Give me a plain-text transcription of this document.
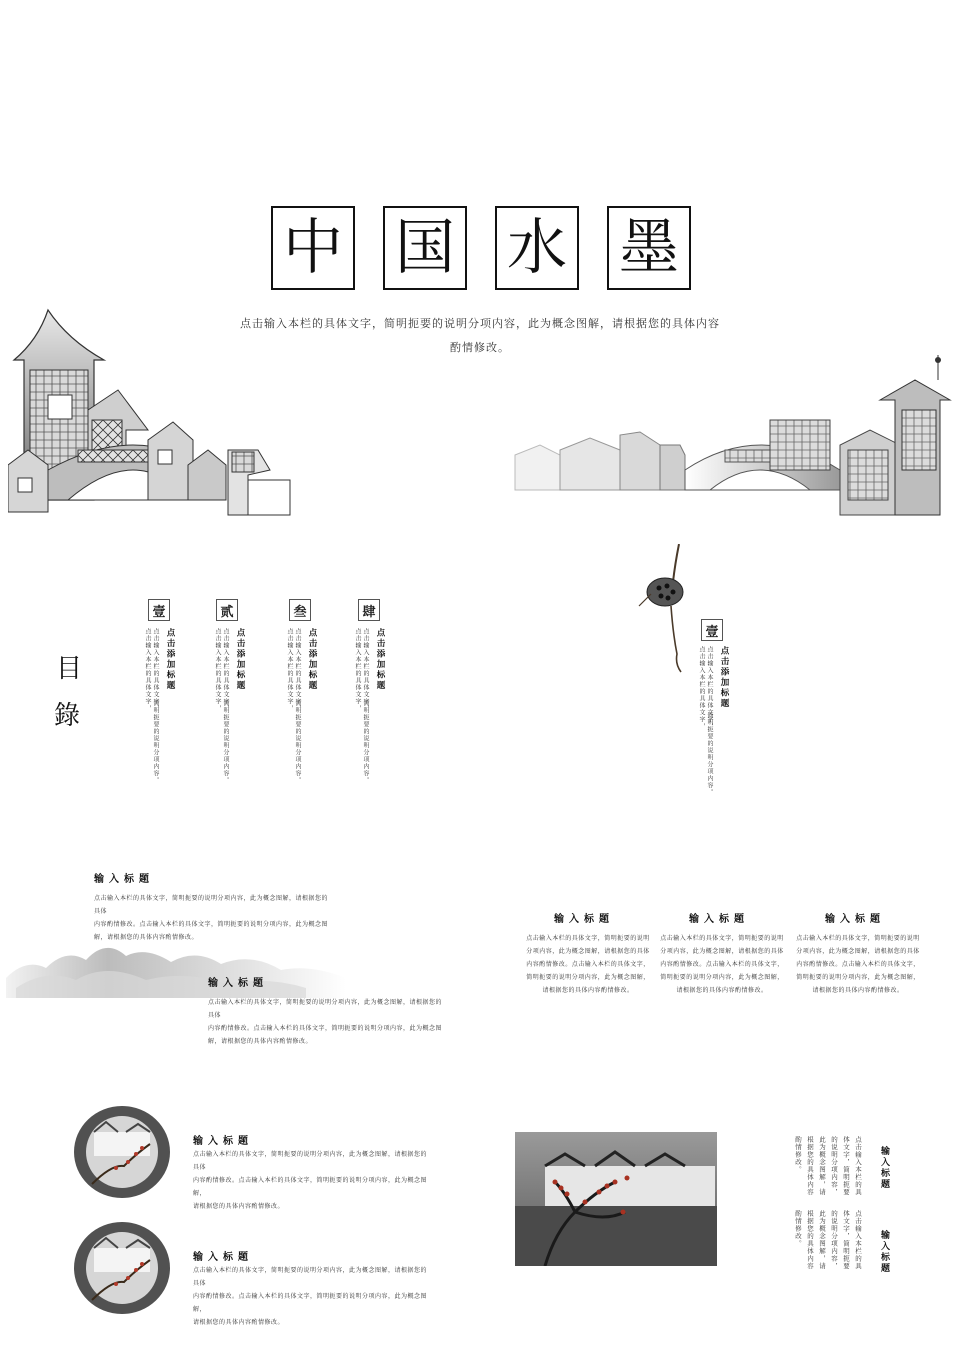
中 国 水 墨
点击输入本栏的具体文字，简明扼要的说明分项内容，此为概念图解，请根据您的具体内容
酌情修改。
目
錄
壹
点击添加标题
点击输入本栏的具体文字，
点击输入本栏的具体文字，
简明扼要的说明分项内容。
贰
点击添加标题
点击输入本栏的具体文字，
点击输入本栏的具体文字，
简明扼要的说明分项内容。
叁
点击添加标题
点击输入本栏的具体文字，
点击输入本栏的具体文字，
简明扼要的说明分项内容。
肆
点击添加标题
点击输入本栏的具体文字，
点击输入本栏的具体文字，
简明扼要的说明分项内容。
壹
点击添加标题
点击输入本栏的具体文字，
点击输入本栏的具体文字，
简明扼要的说明分项内容。
输入标题
点击输入本栏的具体文字，简明扼要的说明分项内容，此为概念图解，请根据您的具体
内容酌情修改。点击输入本栏的具体文字，简明扼要的说明分项内容，此为概念图
解，请根据您的具体内容酌情修改。
输入标题
点击输入本栏的具体文字，简明扼要的说明分项内容，此为概念图解，请根据您的具体
内容酌情修改。点击输入本栏的具体文字，简明扼要的说明分项内容，此为概念图
解，请根据您的具体内容酌情修改。
输入标题
点击输入本栏的具体文字，简明扼要的说明
分项内容，此为概念图解，请根据您的具体
内容酌情修改。点击输入本栏的具体文字，
简明扼要的说明分项内容，此为概念图解，
请根据您的具体内容酌情修改。
输入标题
点击输入本栏的具体文字，简明扼要的说明
分项内容，此为概念图解，请根据您的具体
内容酌情修改。点击输入本栏的具体文字，
简明扼要的说明分项内容，此为概念图解，
请根据您的具体内容酌情修改。
输入标题
点击输入本栏的具体文字，简明扼要的说明
分项内容，此为概念图解，请根据您的具体
内容酌情修改。点击输入本栏的具体文字，
简明扼要的说明分项内容，此为概念图解，
请根据您的具体内容酌情修改。
输入标题
点击输入本栏的具体文字，简明扼要的说明分项内容，此为概念图解，请根据您的具体
内容酌情修改。点击输入本栏的具体文字，简明扼要的说明分项内容，此为概念图解，
请根据您的具体内容酌情修改。
输入标题
点击输入本栏的具体文字，简明扼要的说明分项内容，此为概念图解，请根据您的具体
内容酌情修改。点击输入本栏的具体文字，简明扼要的说明分项内容，此为概念图解，
请根据您的具体内容酌情修改。
输入标题
点击输入本栏的具体文字，简明扼要的说明分项内容，此为概念图解，请根据您的具体内容酌情修改。
输入标题
点击输入本栏的具体文字，简明扼要的说明分项内容，此为概念图解，请根据您的具体内容酌情修改。
